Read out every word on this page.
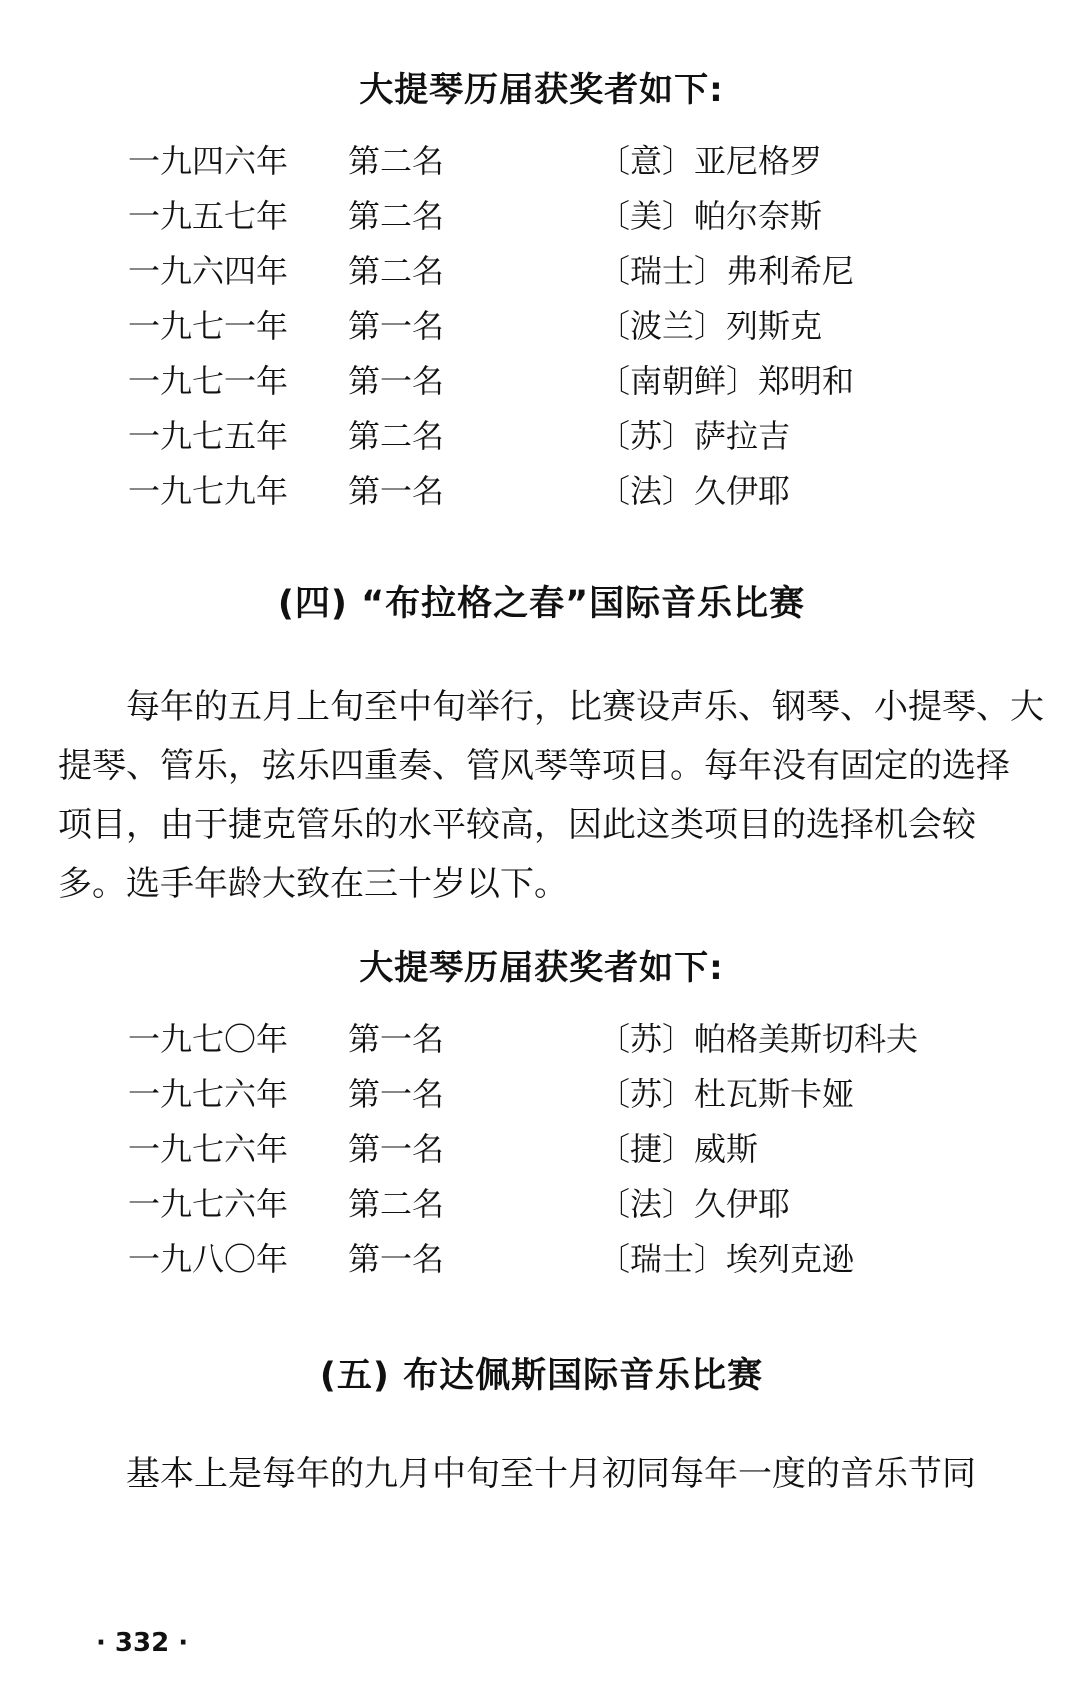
大提琴历届获奖者如下:
一九四六年 第二名	〔意〕亚尼格罗
一九五七年 第二名	〔美〕帕尔奈斯
一九六四年 第二名	〔瑞士〕弗利希尼
一九七一年 第一名	〔波兰〕列斯克
一九七一年 第一名	〔南朝鲜〕郑明和
一九七五年 第二名	〔苏〕萨拉吉
一九七九年 第一名	〔法〕久伊耶
(四) “布拉格之春”国际音乐比赛
每年的五月上旬至中旬举行，比赛设声乐、钢琴、小提琴、大
提琴、管乐，弦乐四重奏、管风琴等项目。每年没有固定的选择
项目，由于捷克管乐的水平较高，因此这类项目的选择机会较
多。选手年龄大致在三十岁以下。
大提琴历届获奖者如下:
一九七〇年 第一名	〔苏〕帕格美斯切科夫
一九七六年 第一名	〔苏〕杜瓦斯卡娅
一九七六年 第一名	〔捷〕威斯
一九七六年 第二名	〔法〕久伊耶
一九八〇年 第一名	〔瑞士〕埃列克逊
(五) 布达佩斯国际音乐比赛
基本上是每年的九月中旬至十月初同每年一度的音乐节同
· 332 ·
